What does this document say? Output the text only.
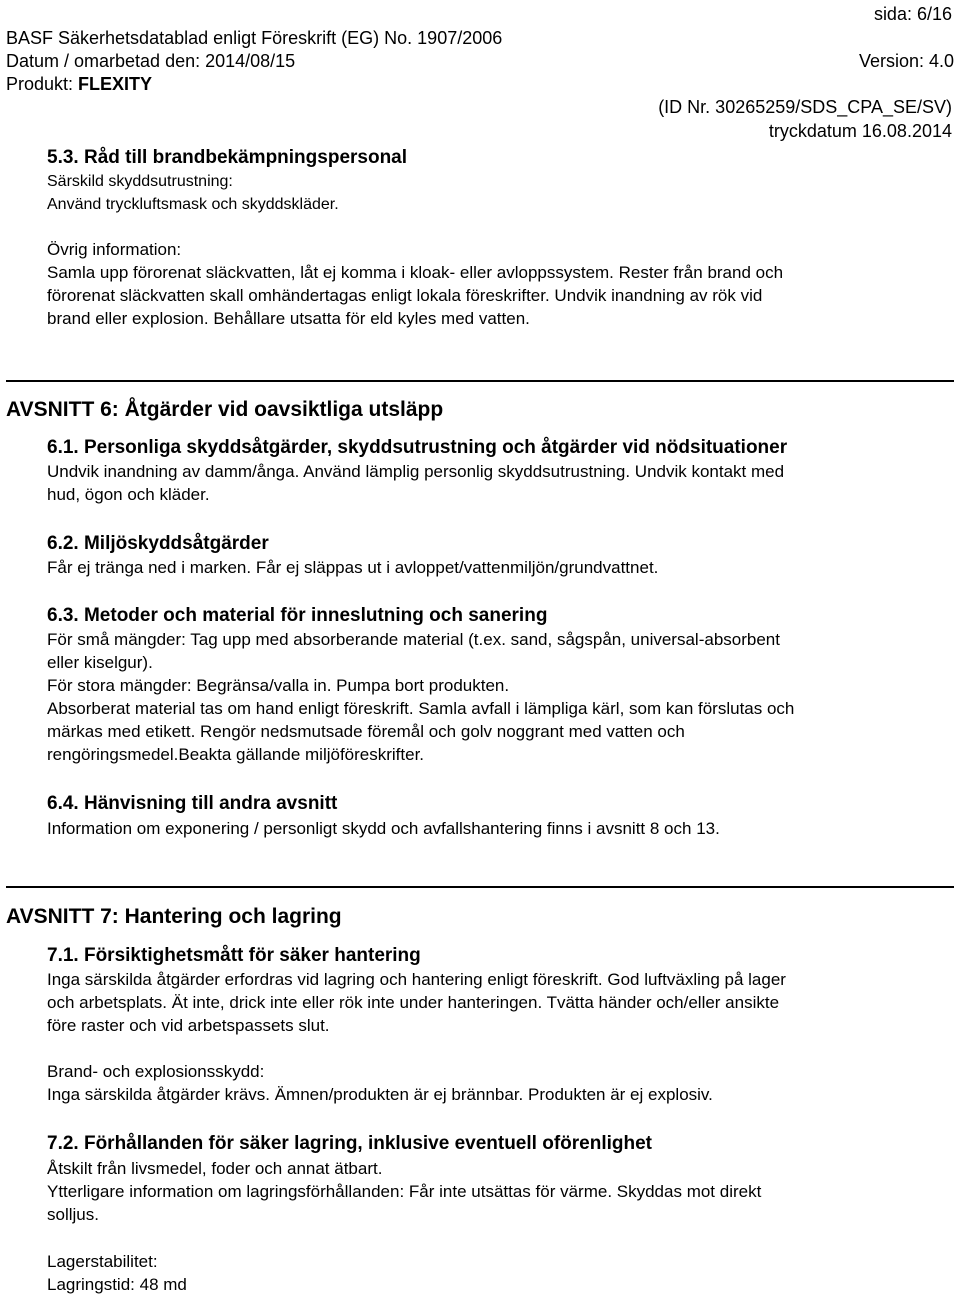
sida: 6/16
BASF Säkerhetsdatablad enligt Föreskrift (EG) No. 1907/2006
Datum / omarbetad den: 2014/08/15	Version: 4.0
Produkt: FLEXITY
(ID Nr. 30265259/SDS_CPA_SE/SV)
tryckdatum 16.08.2014
5.3. Råd till brandbekämpningspersonal
Särskild skyddsutrustning:
Använd tryckluftsmask och skyddskläder.
Övrig information:
Samla upp förorenat släckvatten, låt ej komma i kloak- eller avloppssystem. Rester från brand och
förorenat släckvatten skall omhändertagas enligt lokala föreskrifter. Undvik inandning av rök vid
brand eller explosion. Behållare utsatta för eld kyles med vatten.
AVSNITT 6: Åtgärder vid oavsiktliga utsläpp
6.1. Personliga skyddsåtgärder, skyddsutrustning och åtgärder vid nödsituationer
Undvik inandning av damm/ånga. Använd lämplig personlig skyddsutrustning. Undvik kontakt med
hud, ögon och kläder.
6.2. Miljöskyddsåtgärder
Får ej tränga ned i marken. Får ej släppas ut i avloppet/vattenmiljön/grundvattnet.
6.3. Metoder och material för inneslutning och sanering
För små mängder: Tag upp med absorberande material (t.ex. sand, sågspån, universal-absorbent
eller kiselgur).
För stora mängder: Begränsa/valla in. Pumpa bort produkten.
Absorberat material tas om hand enligt föreskrift. Samla avfall i lämpliga kärl, som kan förslutas och
märkas med etikett. Rengör nedsmutsade föremål och golv noggrant med vatten och
rengöringsmedel.Beakta gällande miljöföreskrifter.
6.4. Hänvisning till andra avsnitt
Information om exponering / personligt skydd och avfallshantering finns i avsnitt 8 och 13.
AVSNITT 7: Hantering och lagring
7.1. Försiktighetsmått för säker hantering
Inga särskilda åtgärder erfordras vid lagring och hantering enligt föreskrift. God luftväxling på lager
och arbetsplats. Ät inte, drick inte eller rök inte under hanteringen. Tvätta händer och/eller ansikte
före raster och vid arbetspassets slut.
Brand- och explosionsskydd:
Inga särskilda åtgärder krävs. Ämnen/produkten är ej brännbar. Produkten är ej explosiv.
7.2. Förhållanden för säker lagring, inklusive eventuell oförenlighet
Åtskilt från livsmedel, foder och annat ätbart.
Ytterligare information om lagringsförhållanden: Får inte utsättas för värme. Skyddas mot direkt
solljus.
Lagerstabilitet:
Lagringstid: 48 md
